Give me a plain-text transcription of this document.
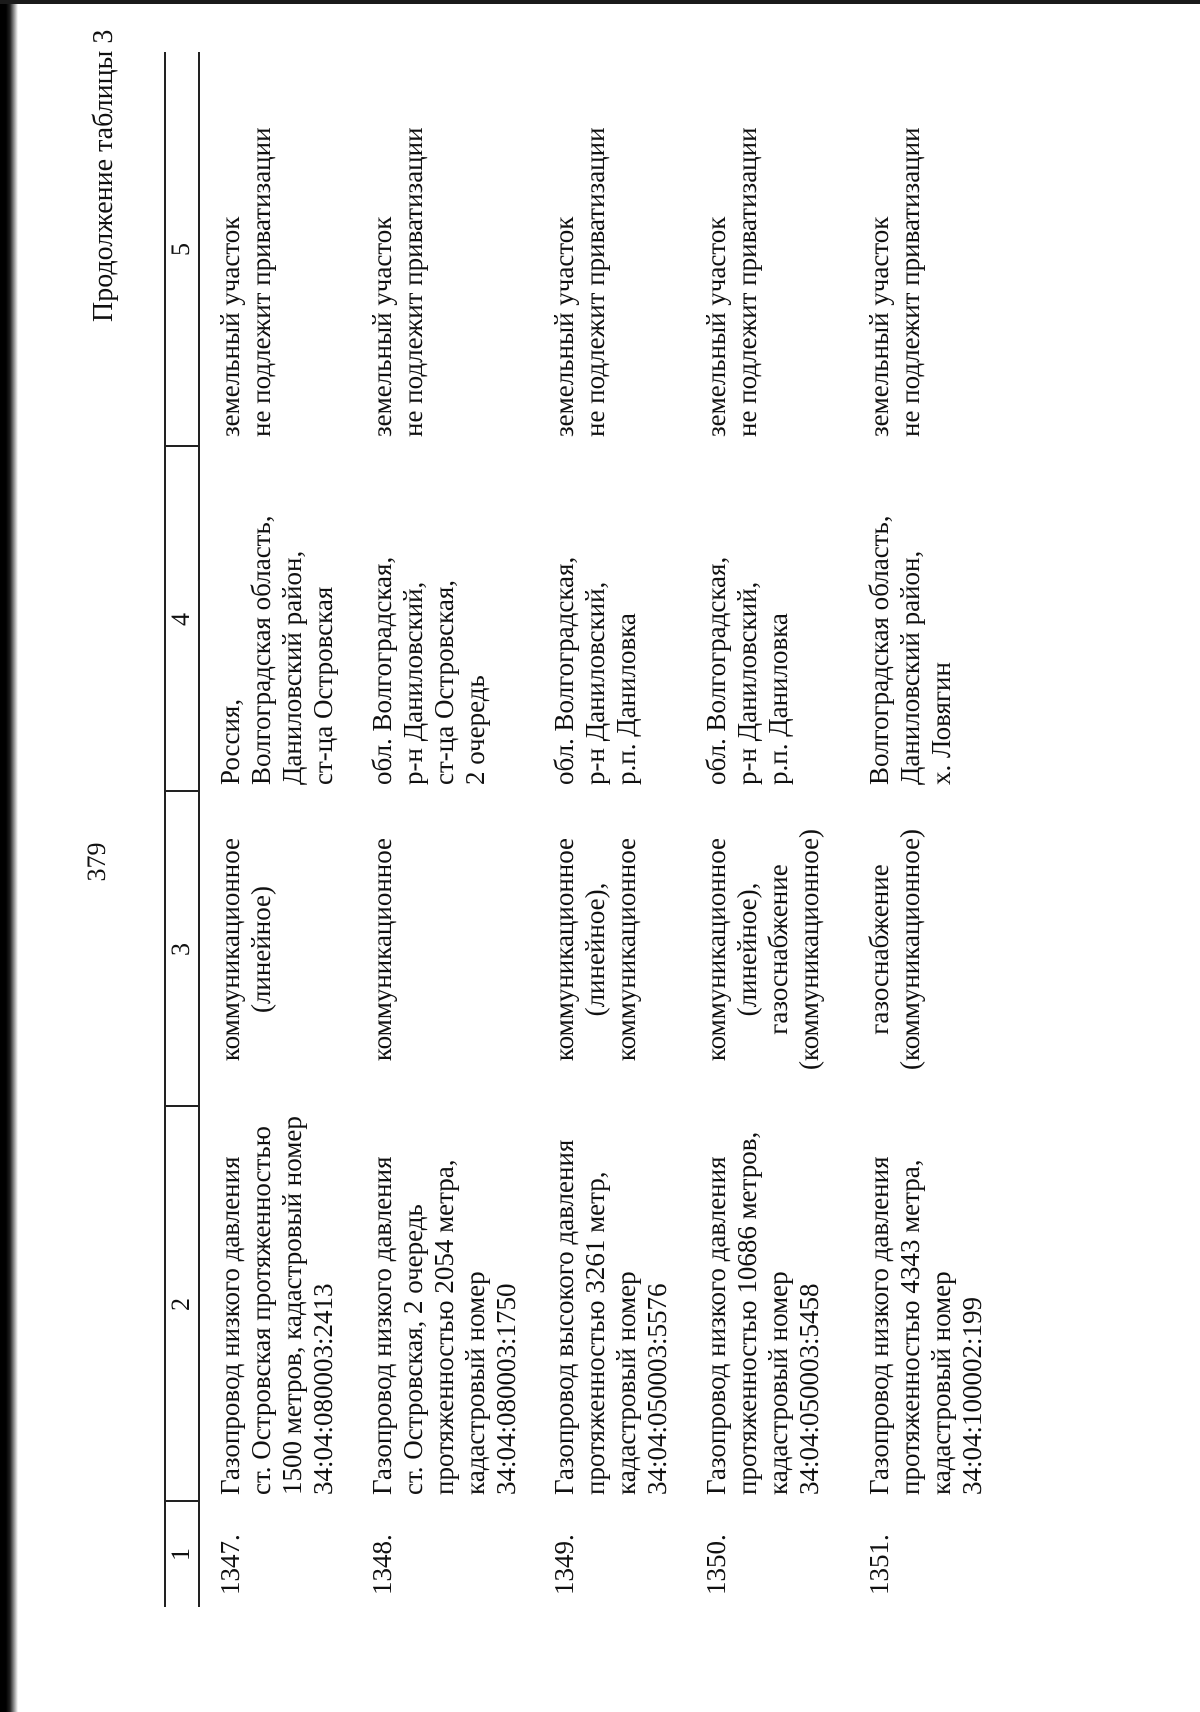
379
Продолжение таблицы 3
1
2
3
4
5
1347.
Газопровод низкого давления
ст. Островская протяженностью
1500 метров, кадастровый номер
34:04:080003:2413
коммуникационное
(линейное)
Россия,
Волгоградская область,
Даниловский район,
ст-ца Островская
земельный участок
не подлежит приватизации
1348.
Газопровод низкого давления
ст. Островская, 2 очередь
протяженностью 2054 метра,
кадастровый номер
34:04:080003:1750
коммуникационное
обл. Волгоградская,
р-н Даниловский,
ст-ца Островская,
2 очередь
земельный участок
не подлежит приватизации
1349.
Газопровод высокого давления
протяженностью 3261 метр,
кадастровый номер
34:04:050003:5576
коммуникационное
(линейное),
коммуникационное
обл. Волгоградская,
р-н Даниловский,
р.п. Даниловка
земельный участок
не подлежит приватизации
1350.
Газопровод низкого давления
протяженностью 10686 метров,
кадастровый номер
34:04:050003:5458
коммуникационное
(линейное),
газоснабжение
(коммуникационное)
обл. Волгоградская,
р-н Даниловский,
р.п. Даниловка
земельный участок
не подлежит приватизации
1351.
Газопровод низкого давления
протяженностью 4343 метра,
кадастровый номер
34:04:100002:199
газоснабжение
(коммуникационное)
Волгоградская область,
Даниловский район,
х. Ловягин
земельный участок
не подлежит приватизации
